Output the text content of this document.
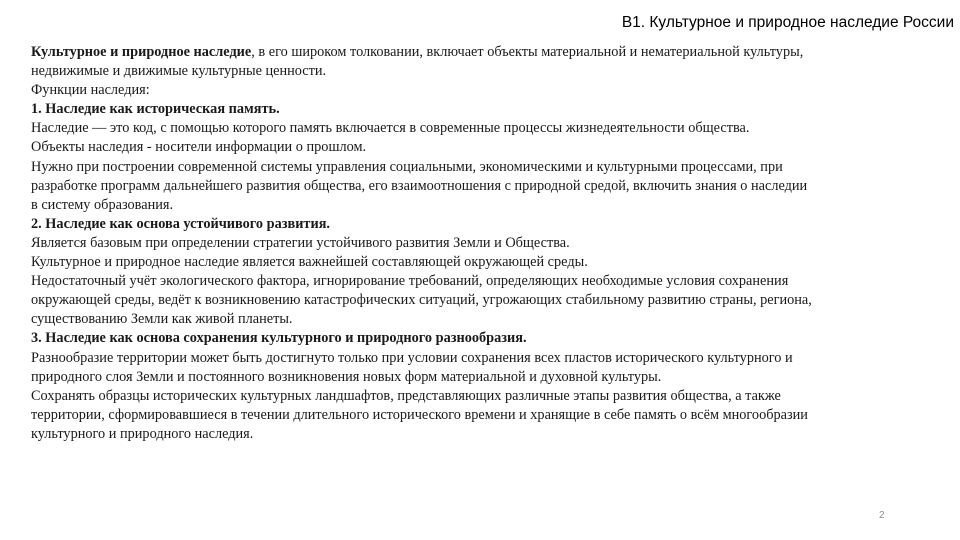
B1. Культурное и природное наследие России
Культурное и природное наследие, в его широком толковании, включает объекты материальной и нематериальной культуры,
недвижимые и движимые культурные ценности.
Функции наследия:
1. Наследие как историческая память.
Наследие — это код, с помощью которого память включается в современные процессы жизнедеятельности общества.
Объекты наследия - носители информации о прошлом.
Нужно при построении современной системы управления социальными, экономическими и культурными процессами, при
разработке программ дальнейшего развития общества, его взаимоотношения с природной средой, включить знания о наследии
в систему образования.
2. Наследие как основа устойчивого развития.
Является базовым при определении стратегии устойчивого развития Земли и Общества.
Культурное и природное наследие является важнейшей составляющей окружающей среды.
Недостаточный учёт экологического фактора, игнорирование требований, определяющих необходимые условия сохранения
окружающей среды, ведёт к возникновению катастрофических ситуаций, угрожающих стабильному развитию страны, региона,
существованию Земли как живой планеты.
3. Наследие как основа сохранения культурного и природного разнообразия.
Разнообразие территории может быть достигнуто только при условии сохранения всех пластов исторического культурного и
природного слоя Земли и постоянного возникновения новых форм материальной и духовной культуры.
Сохранять образцы исторических культурных ландшафтов, представляющих различные этапы развития общества, а также
территории, сформировавшиеся в течении длительного исторического времени и хранящие в себе память о всём многообразии
культурного и природного наследия.
2
